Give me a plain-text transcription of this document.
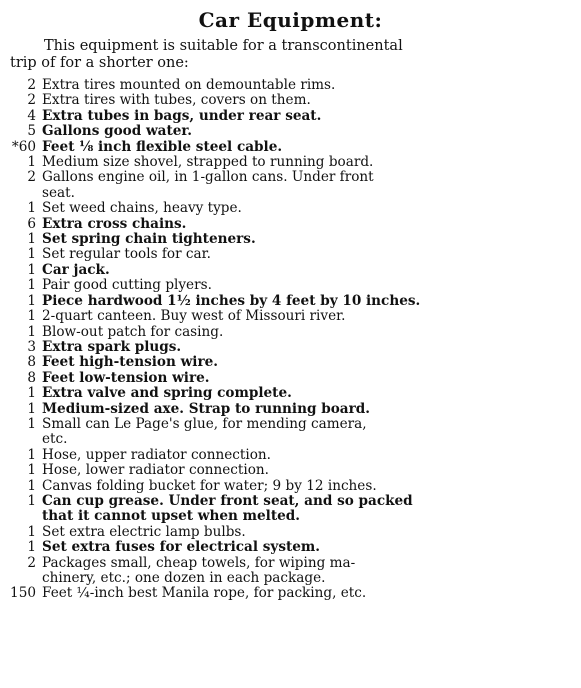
Car Equipment:

This equipment is suitable for a transcontinental
trip of for a shorter one:

2 Extra tires mounted on demountable rims.
2 Extra tires with tubes, covers on them.
4 Extra tubes in bags, under rear seat.
5 Gallons good water.
*60 Feet ⅛ inch flexible steel cable.
1 Medium size shovel, strapped to running board.
2 Gallons engine oil, in 1-gallon cans. Under front
seat.
1 Set weed chains, heavy type.
6 Extra cross chains.
1 Set spring chain tighteners.
1 Set regular tools for car.
1 Car jack.
1 Pair good cutting plyers.
1 Piece hardwood 1½ inches by 4 feet by 10 inches.
1 2-quart canteen. Buy west of Missouri river.
1 Blow-out patch for casing.
3 Extra spark plugs.
8 Feet high-tension wire.
8 Feet low-tension wire.
1 Extra valve and spring complete.
1 Medium-sized axe. Strap to running board.
1 Small can Le Page's glue, for mending camera,
etc.
1 Hose, upper radiator connection.
1 Hose, lower radiator connection.
1 Canvas folding bucket for water; 9 by 12 inches.
1 Can cup grease. Under front seat, and so packed
that it cannot upset when melted.
1 Set extra electric lamp bulbs.
1 Set extra fuses for electrical system.
2 Packages small, cheap towels, for wiping ma-
chinery, etc.; one dozen in each package.
150 Feet ¼-inch best Manila rope, for packing, etc.
